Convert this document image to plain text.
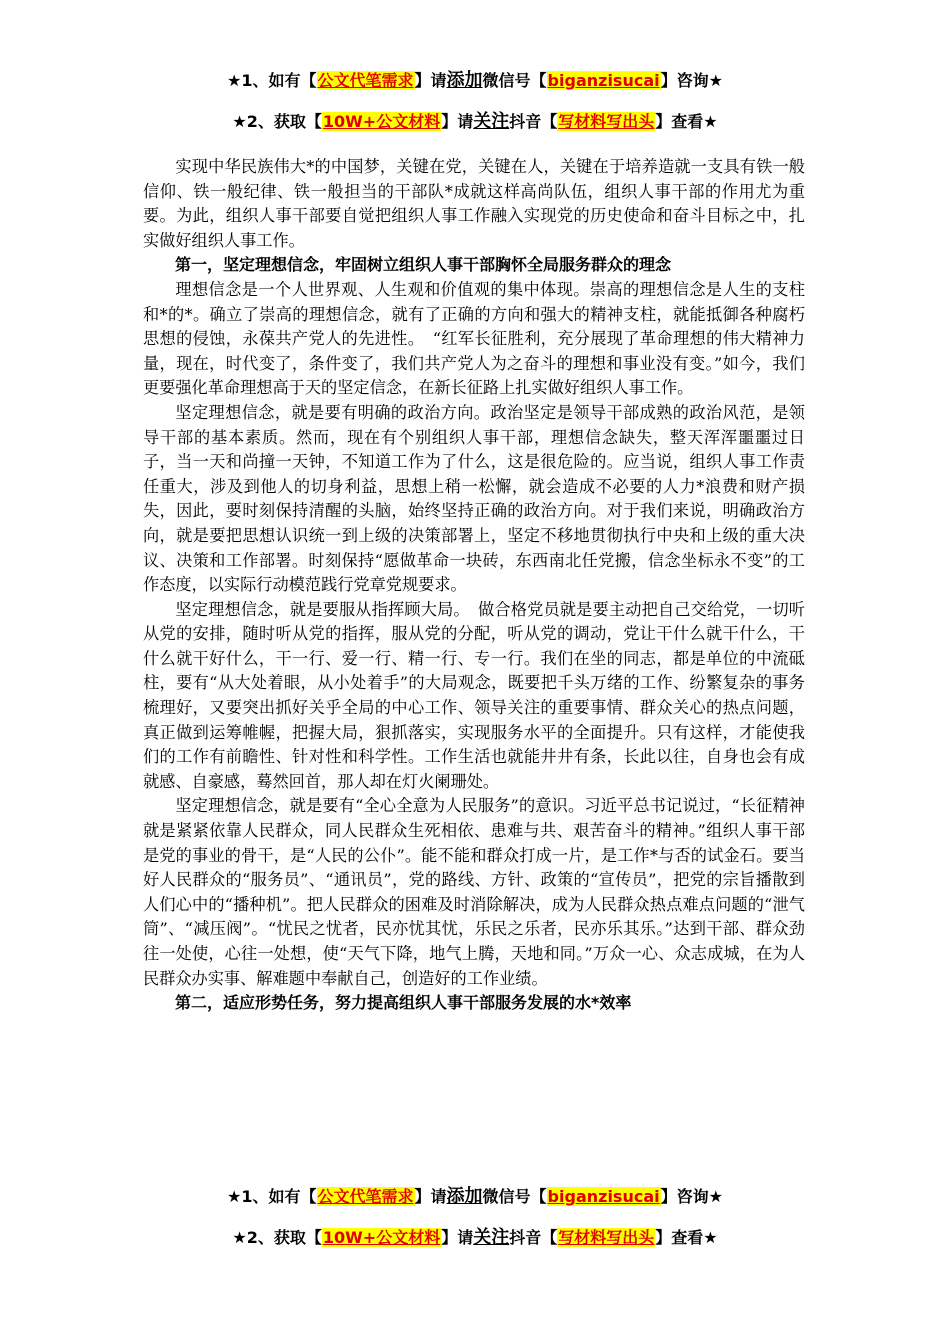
★1、如有【公文代笔需求】请添加微信号【biganzisucai】咨询★
★2、获取【10W+公文材料】请关注抖音【写材料写出头】查看★

实现中华民族伟大*的中国梦，关键在党，关键在人，关键在于培养造就一支具有铁一般信仰、铁一般纪律、铁一般担当的干部队*成就这样高尚队伍，组织人事干部的作用尤为重要。为此，组织人事干部要自觉把组织人事工作融入实现党的历史使命和奋斗目标之中，扎实做好组织人事工作。

第一，坚定理想信念，牢固树立组织人事干部胸怀全局服务群众的理念

理想信念是一个人世界观、人生观和价值观的集中体现。崇高的理想信念是人生的支柱和*的*。确立了崇高的理想信念，就有了正确的方向和强大的精神支柱，就能抵御各种腐朽思想的侵蚀，永葆共产党人的先进性。　“红军长征胜利，充分展现了革命理想的伟大精神力量，现在，时代变了，条件变了，我们共产党人为之奋斗的理想和事业没有变。”如今，我们更要强化革命理想高于天的坚定信念，在新长征路上扎实做好组织人事工作。

坚定理想信念，就是要有明确的政治方向。政治坚定是领导干部成熟的政治风范，是领导干部的基本素质。然而，现在有个别组织人事干部，理想信念缺失，整天浑浑噩噩过日子，当一天和尚撞一天钟，不知道工作为了什么，这是很危险的。应当说，组织人事工作责任重大，涉及到他人的切身利益，思想上稍一松懈，就会造成不必要的人力*浪费和财产损失，因此，要时刻保持清醒的头脑，始终坚持正确的政治方向。对于我们来说，明确政治方向，就是要把思想认识统一到上级的决策部署上，坚定不移地贯彻执行中央和上级的重大决议、决策和工作部署。时刻保持“愿做革命一块砖，东西南北任党搬，信念坐标永不变”的工作态度，以实际行动模范践行党章党规要求。

坚定理想信念，就是要服从指挥顾大局。　做合格党员就是要主动把自己交给党，一切听从党的安排，随时听从党的指挥，服从党的分配，听从党的调动，党让干什么就干什么，干什么就干好什么，干一行、爱一行、精一行、专一行。我们在坐的同志，都是单位的中流砥柱，要有“从大处着眼，从小处着手”的大局观念，既要把千头万绪的工作、纷繁复杂的事务梳理好，又要突出抓好关乎全局的中心工作、领导关注的重要事情、群众关心的热点问题，真正做到运筹帷幄，把握大局，狠抓落实，实现服务水平的全面提升。只有这样，才能使我们的工作有前瞻性、针对性和科学性。工作生活也就能井井有条，长此以往，自身也会有成就感、自豪感，蓦然回首，那人却在灯火阑珊处。

坚定理想信念，就是要有“全心全意为人民服务”的意识。习近平总书记说过，“长征精神就是紧紧依靠人民群众，同人民群众生死相依、患难与共、艰苦奋斗的精神。”组织人事干部是党的事业的骨干，是“人民的公仆”。能不能和群众打成一片，是工作*与否的试金石。要当好人民群众的“服务员”、“通讯员”，党的路线、方针、政策的“宣传员”，把党的宗旨播散到人们心中的“播种机”。把人民群众的困难及时消除解决，成为人民群众热点难点问题的“泄气筒”、“减压阀”。“忧民之忧者，民亦忧其忧，乐民之乐者，民亦乐其乐。”达到干部、群众劲往一处使，心往一处想，使“天气下降，地气上腾，天地和同。”万众一心、众志成城，在为人民群众办实事、解难题中奉献自己，创造好的工作业绩。

第二，适应形势任务，努力提高组织人事干部服务发展的水*效率

★1、如有【公文代笔需求】请添加微信号【biganzisucai】咨询★
★2、获取【10W+公文材料】请关注抖音【写材料写出头】查看★
